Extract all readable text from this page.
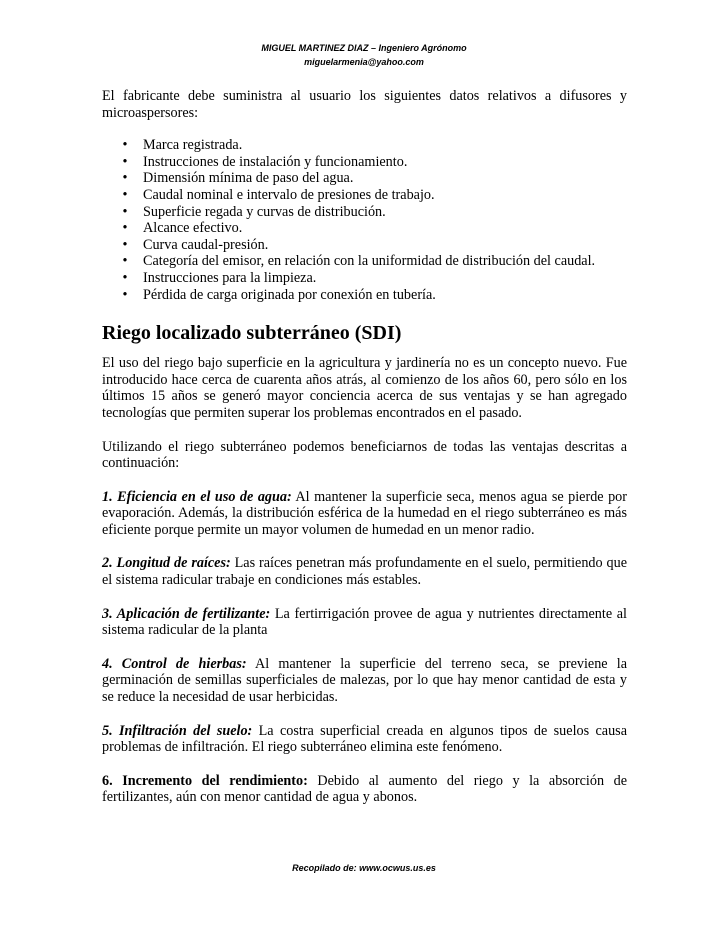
MIGUEL MARTINEZ DIAZ – Ingeniero Agrónomo
miguelarmenia@yahoo.com

El fabricante debe suministra al usuario los siguientes datos relativos a difusores y microaspersores:

• Marca registrada.
• Instrucciones de instalación y funcionamiento.
• Dimensión mínima de paso del agua.
• Caudal nominal e intervalo de presiones de trabajo.
• Superficie regada y curvas de distribución.
• Alcance efectivo.
• Curva caudal-presión.
• Categoría del emisor, en relación con la uniformidad de distribución del caudal.
• Instrucciones para la limpieza.
• Pérdida de carga originada por conexión en tubería.
Riego localizado subterráneo (SDI)

El uso del riego bajo superficie en la agricultura y jardinería no es un concepto nuevo. Fue introducido hace cerca de cuarenta años atrás, al comienzo de los años 60, pero sólo en los últimos 15 años se generó mayor conciencia acerca de sus ventajas y se han agregado tecnologías que permiten superar los problemas encontrados en el pasado.

Utilizando el riego subterráneo podemos beneficiarnos de todas las ventajas descritas a continuación:

1. Eficiencia en el uso de agua: Al mantener la superficie seca, menos agua se pierde por evaporación. Además, la distribución esférica de la humedad en el riego subterráneo es más eficiente porque permite un mayor volumen de humedad en un menor radio.

2. Longitud de raíces: Las raíces penetran más profundamente en el suelo, permitiendo que el sistema radicular trabaje en condiciones más estables.

3. Aplicación de fertilizante: La fertirrigación provee de agua y nutrientes directamente al sistema radicular de la planta

4. Control de hierbas: Al mantener la superficie del terreno seca, se previene la germinación de semillas superficiales de malezas, por lo que hay menor cantidad de esta y se reduce la necesidad de usar herbicidas.

5. Infiltración del suelo: La costra superficial creada en algunos tipos de suelos causa problemas de infiltración. El riego subterráneo elimina este fenómeno.

6. Incremento del rendimiento: Debido al aumento del riego y la absorción de fertilizantes, aún con menor cantidad de agua y abonos.

Recopilado de: www.ocwus.us.es
